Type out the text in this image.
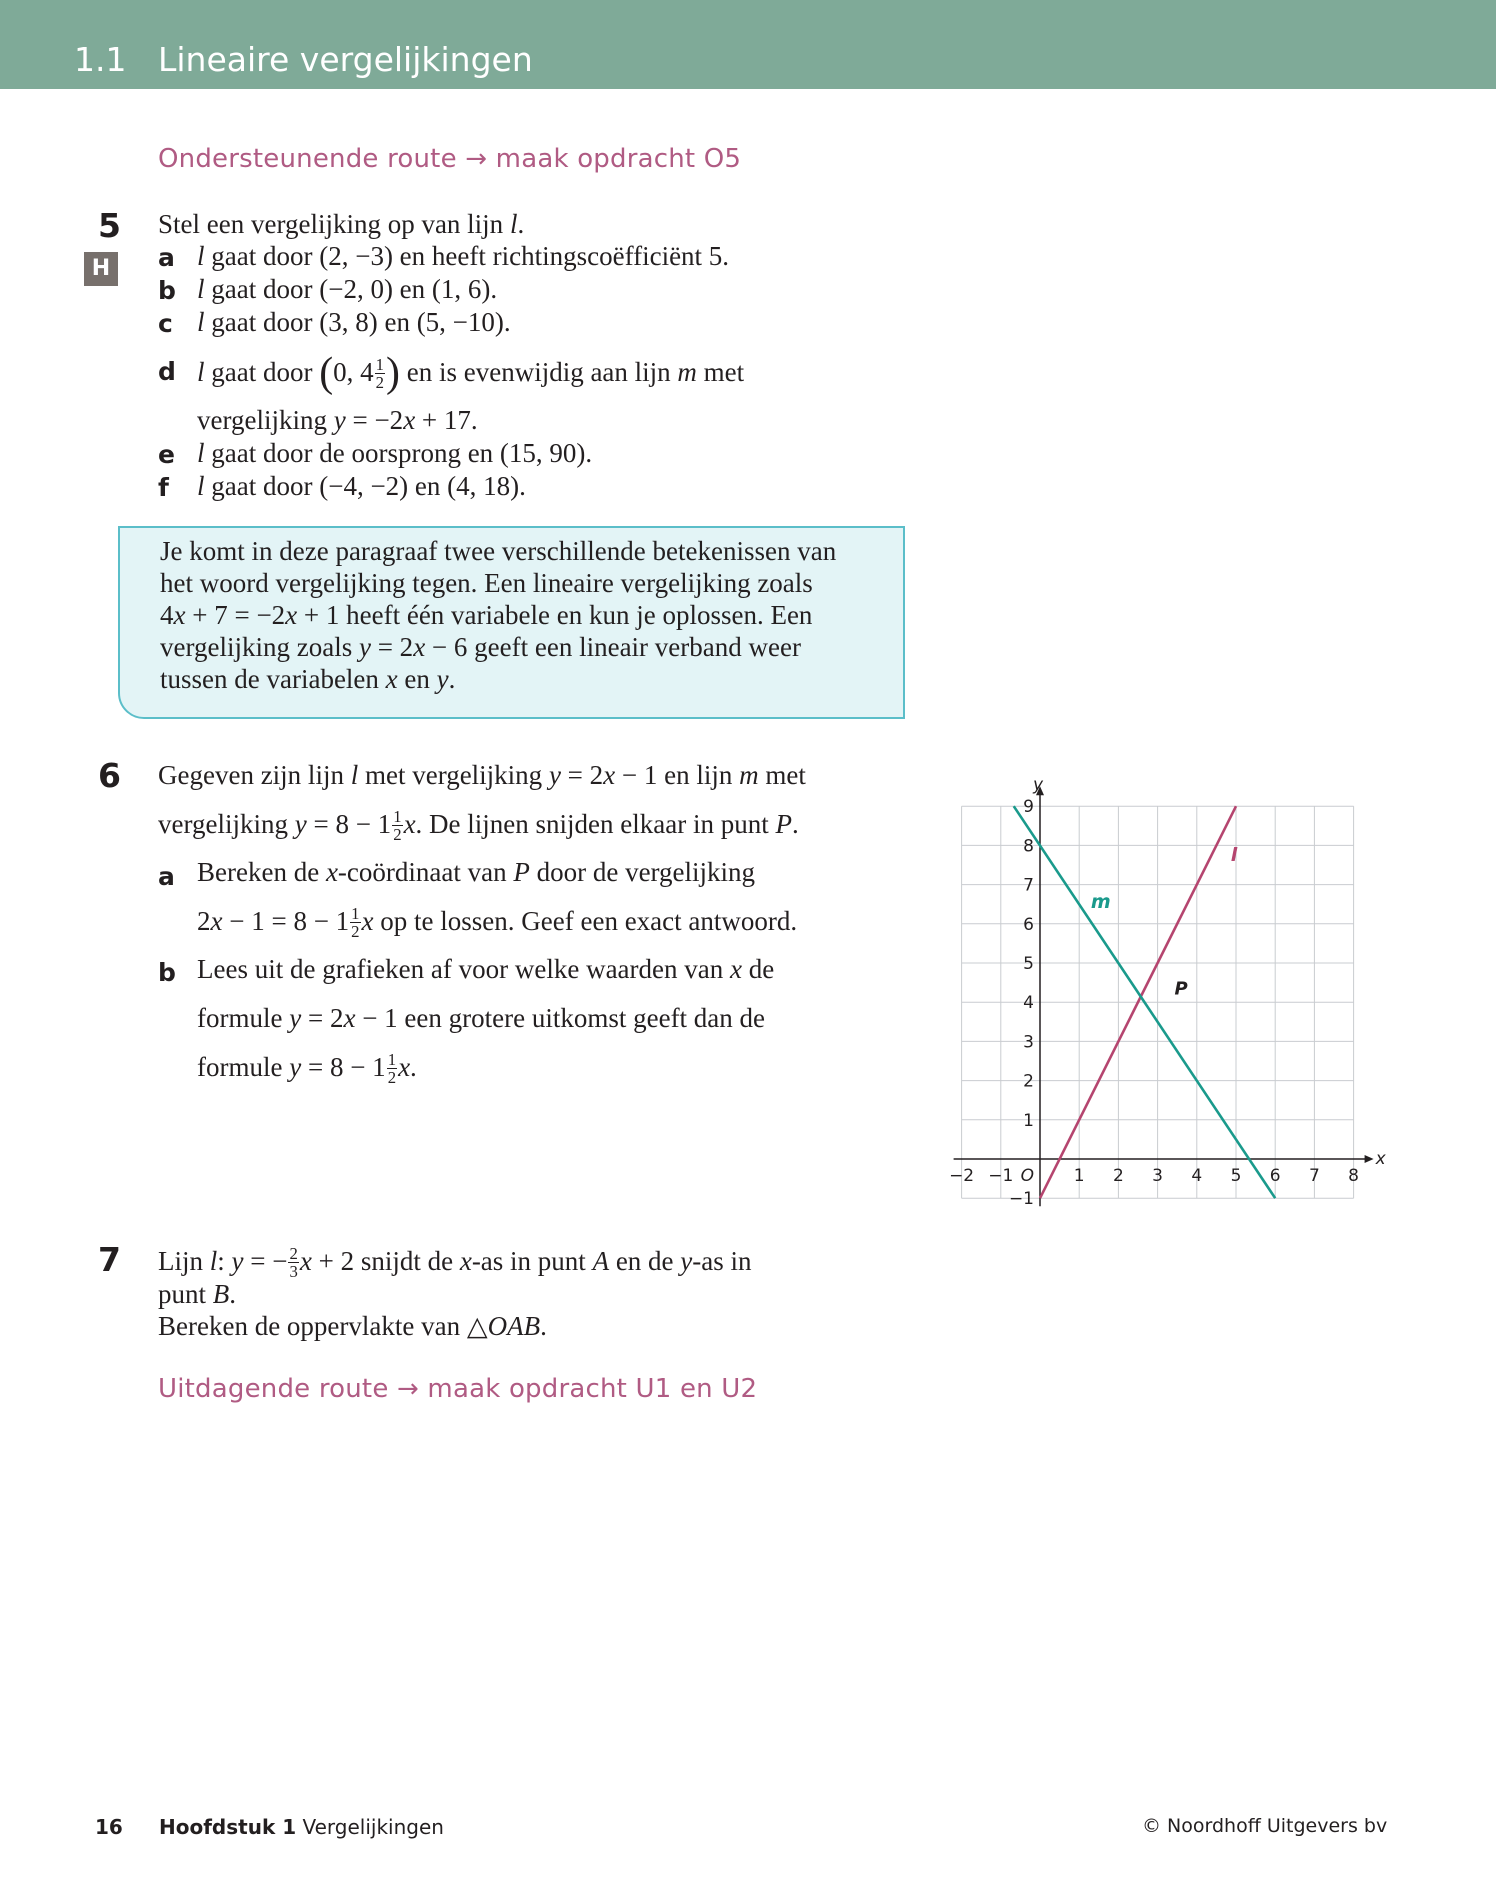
1.1 Lineaire vergelijkingen
Ondersteunende route → maak opdracht O5
5
H
Stel een vergelijking op van lijn l.
a l gaat door (2, −3) en heeft richtingscoëfficiënt 5.
b l gaat door (−2, 0) en (1, 6).
c l gaat door (3, 8) en (5, −10).
d l gaat door (0, $4 \frac{1}{2}$ ) en is evenwijdig aan lijn m met
vergelijking y = −2x + 17.
e l gaat door de oorsprong en (15, 90).
f l gaat door (−4, −2) en (4, 18).
Je komt in deze paragraaf twee verschillende betekenissen van
het woord vergelijking tegen. Een lineaire vergelijking zoals
4x + 7 = −2x + 1 heeft één variabele en kun je oplossen. Een
vergelijking zoals y = 2x − 6 geeft een lineair verband weer
tussen de variabelen x en y.
6 Gegeven zijn lijn l met vergelijking y = 2x − 1 en lijn m met
vergelijking $y = 8 - 1 \frac{1}{2} x$. De lijnen snijden elkaar in punt P.
a Bereken de x-coördinaat van P door de vergelijking
$2x - 1 = 8 - 1 \frac{1}{2}$ x op te lossen. Geef een exact antwoord.
b Lees uit de grafieken af voor welke waarden van x de
formule y = 2x − 1 een grotere uitkomst geeft dan de
formule $y = 8 - 1 \frac{1}{2} x$.
x
y
O
−2 −1	1 2 3 4 5 6 7 8
−1
1
2
3
4
5
6
7
8
9
l
m
P
7 Lijn l: y = − $\frac{2}{3}$ x + 2 snijdt de x-as in punt A en de y-as in
punt B.
Bereken de oppervlakte van △OAB.
Uitdagende route → maak opdracht U1 en U2
16 Hoofdstuk 1 Vergelijkingen	© Noordhoff Uitgevers bv
